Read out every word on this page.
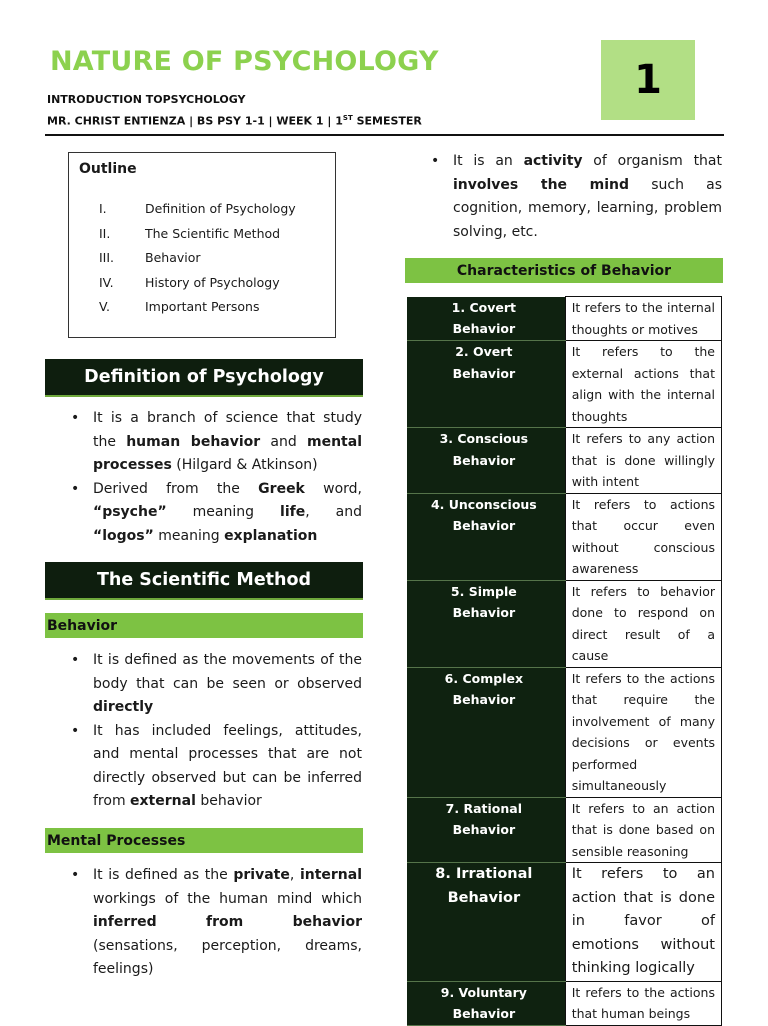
NATURE OF PSYCHOLOGY
INTRODUCTION TOPSYCHOLOGY
MR. CHRIST ENTIENZA | BS PSY 1-1 | WEEK 1 | 1ST SEMESTER
1
Outline
I.	Definition of Psychology
II.	The Scientific Method
III.	Behavior
IV.	History of Psychology
V.	Important Persons
Definition of Psychology
• It is a branch of science that study the human behavior and mental processes (Hilgard & Atkinson)
• Derived from the Greek word, “psyche” meaning life, and “logos” meaning explanation
The Scientific Method
Behavior
• It is defined as the movements of the body that can be seen or observed directly
• It has included feelings, attitudes, and mental processes that are not directly observed but can be inferred from external behavior
Mental Processes
• It is defined as the private, internal workings of the human mind which inferred from behavior (sensations, perception, dreams, feelings)
• It is an activity of organism that involves the mind such as cognition, memory, learning, problem solving, etc.
Characteristics of Behavior
1. Covert
Behavior	It refers to the internal thoughts or motives
2. Overt
Behavior	It refers to the external actions that align with the internal thoughts
3. Conscious
Behavior	It refers to any action that is done willingly with intent
4. Unconscious
Behavior	It refers to actions that occur even without conscious awareness
5. Simple
Behavior	It refers to behavior done to respond on direct result of a cause
6. Complex
Behavior	It refers to the actions that require the involvement of many decisions or events performed simultaneously
7. Rational
Behavior	It refers to an action that is done based on sensible reasoning
8. Irrational
Behavior	It refers to an action that is done in favor of emotions without thinking logically
9. Voluntary
Behavior	It refers to the actions that human beings
